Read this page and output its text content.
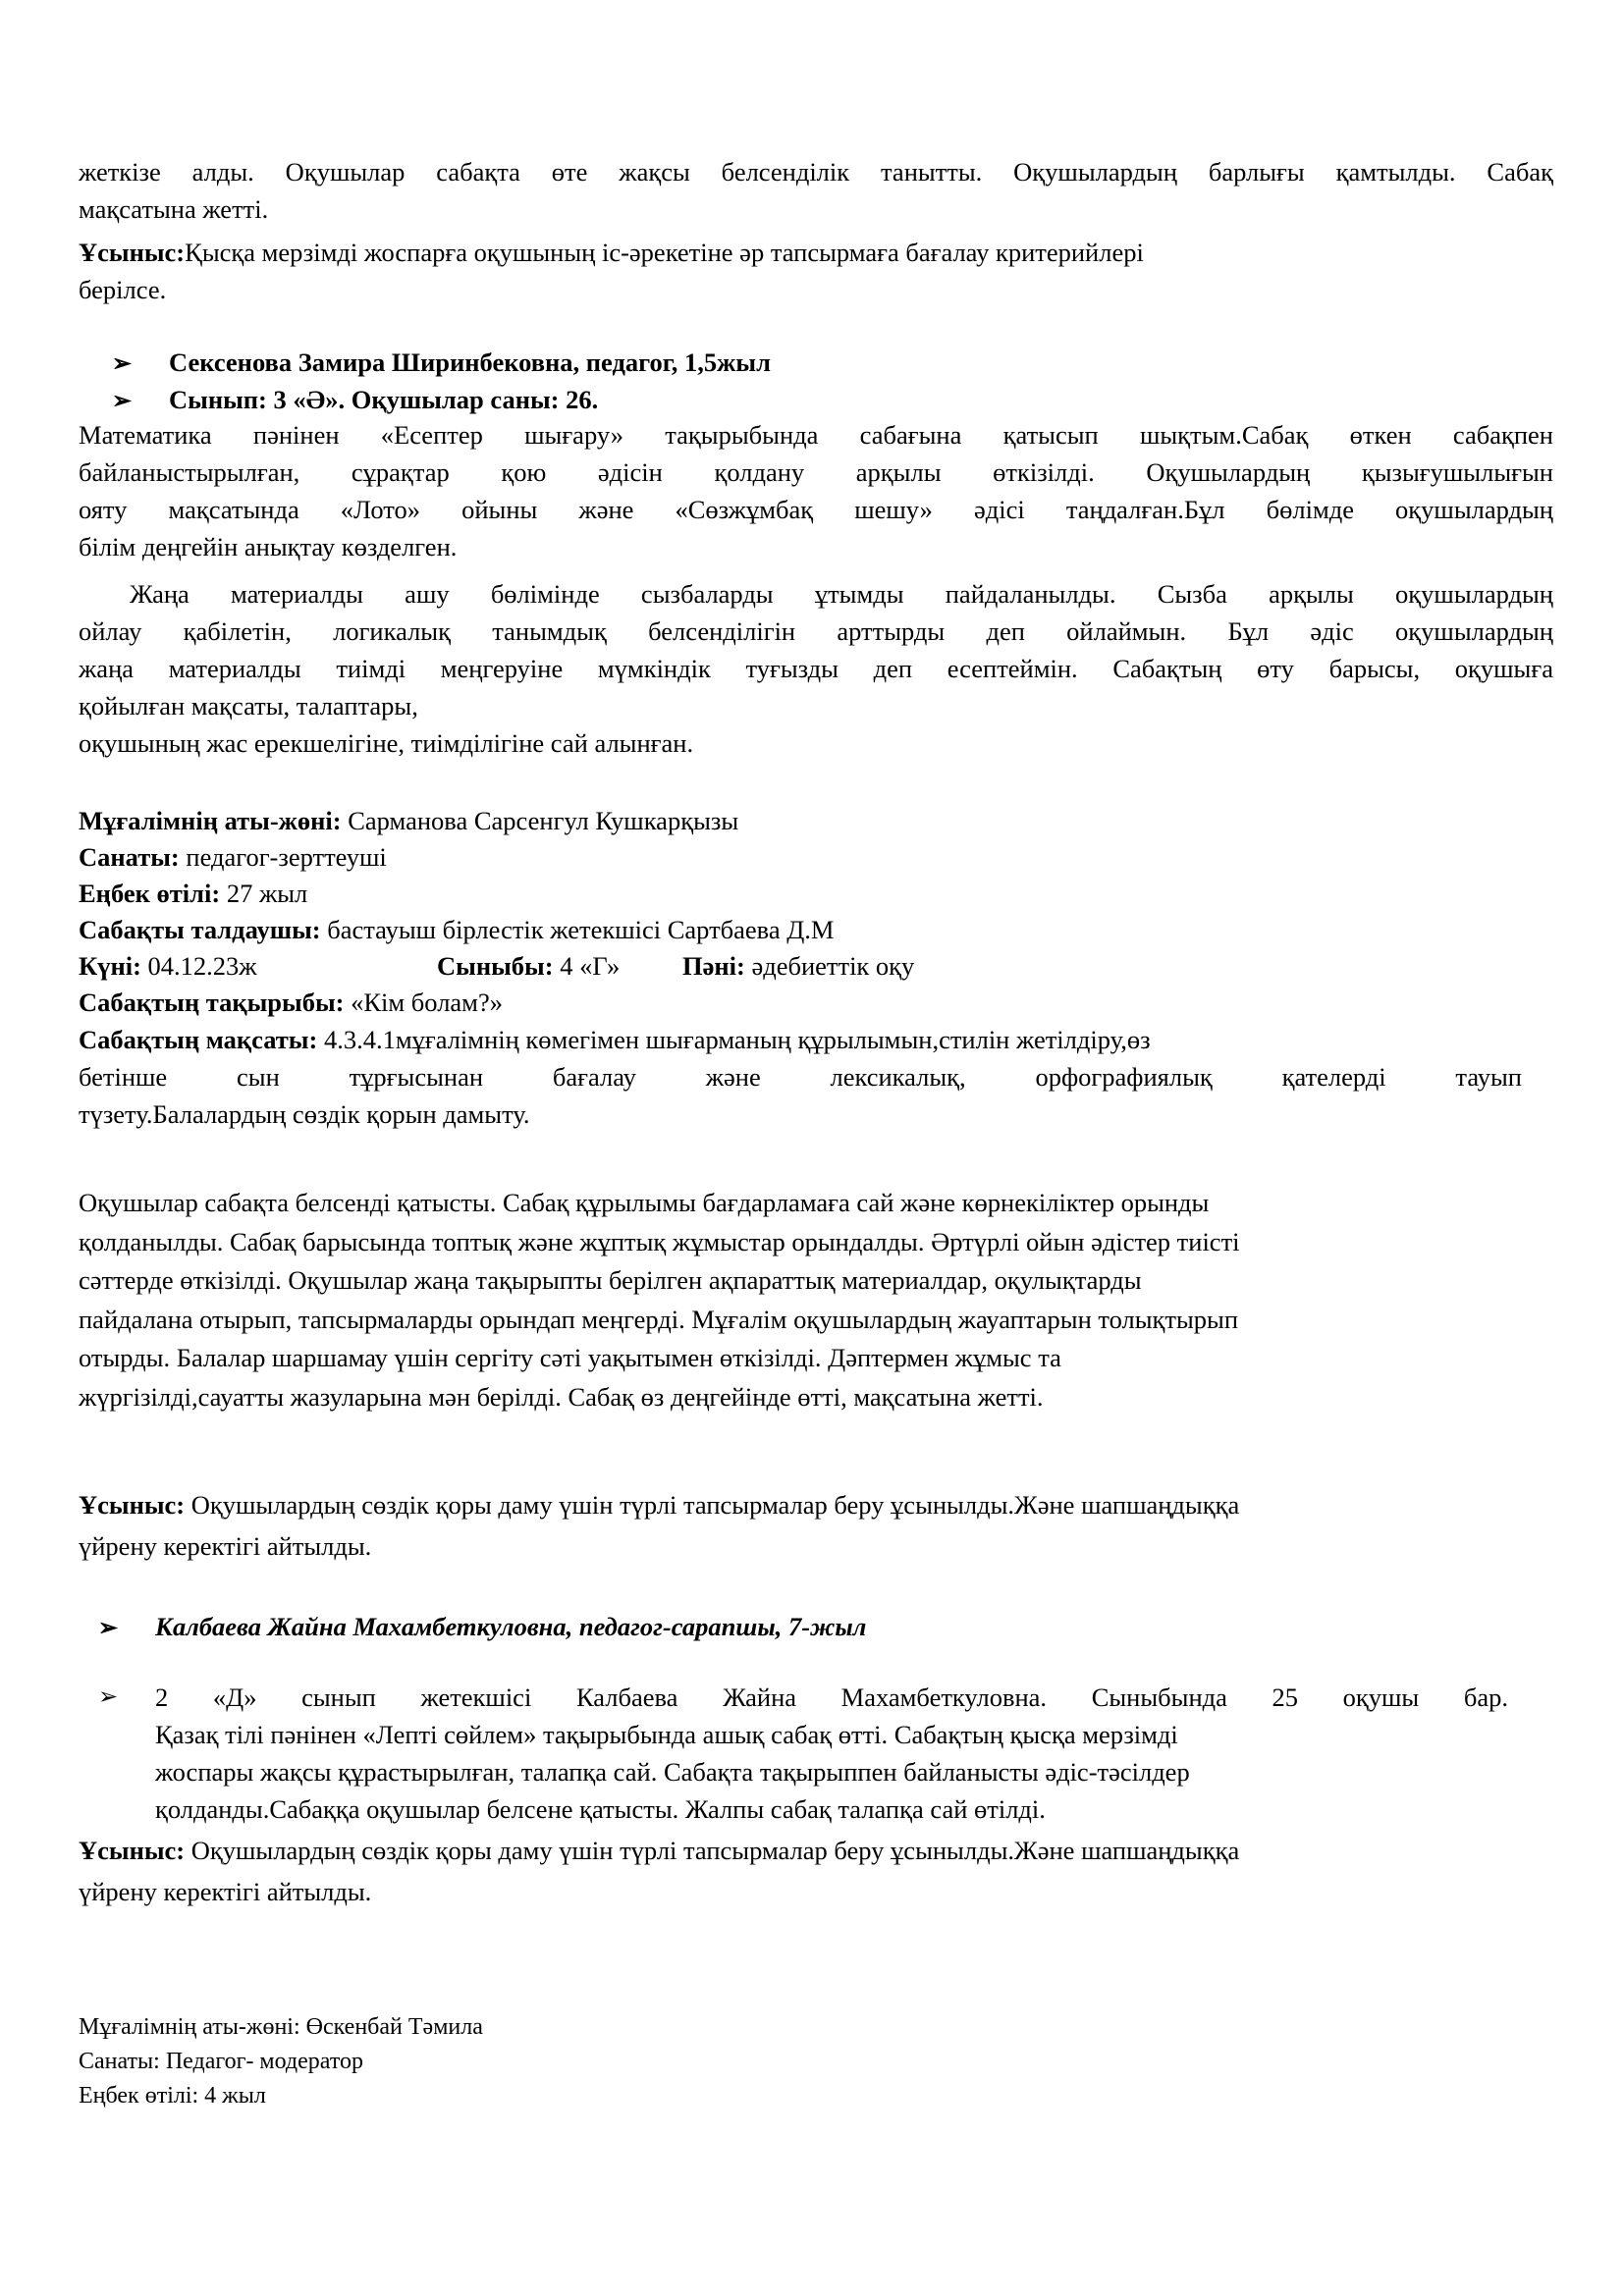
жеткізе алды. Оқушылар сабақта өте жақсы белсенділік танытты. Оқушылардың барлығы қамтылды. Сабақ
мақсатына жетті.
Ұсыныс:Қысқа мерзімді жоспарға оқушының іс-әрекетіне әр тапсырмаға бағалау критерийлері
берілсе.
➢ Сексенова Замира Ширинбековна, педагог, 1,5жыл
➢ Сынып: 3 «Ә». Оқушылар саны: 26.
Математика пәнінен «Есептер шығару» тақырыбында сабағына қатысып шықтым.Сабақ өткен сабақпен
байланыстырылған, сұрақтар қою әдісін қолдану арқылы өткізілді. Оқушылардың қызығушылығын
ояту мақсатында «Лото» ойыны және «Сөзжұмбақ шешу» әдісі таңдалған.Бұл бөлімде оқушылардың
білім деңгейін анықтау көзделген.
Жаңа материалды ашу бөлімінде сызбаларды ұтымды пайдаланылды. Сызба арқылы оқушылардың
ойлау қабілетін, логикалық танымдық белсенділігін арттырды деп ойлаймын. Бұл әдіс оқушылардың
жаңа материалды тиімді меңгеруіне мүмкіндік туғызды деп есептеймін. Сабақтың өту барысы, оқушыға
қойылған мақсаты, талаптары,
оқушының жас ерекшелігіне, тиімділігіне сай алынған.
Мұғалімнің аты-жөні: Сарманова Сарсенгул Кушкарқызы
Санаты: педагог-зерттеуші
Еңбек өтілі: 27 жыл
Сабақты талдаушы: бастауыш бірлестік жетекшісі Сартбаева Д.М
Күні: 04.12.23ж	Сыныбы: 4 «Г» Пәні: әдебиеттік оқу
Сабақтың тақырыбы: «Кім болам?»
Сабақтың мақсаты: 4.3.4.1мұғалімнің көмегімен шығарманың құрылымын,стилін жетілдіру,өз
бетінше сын тұрғысынан бағалау және лексикалық, орфографиялық қателерді тауып
түзету.Балалардың сөздік қорын дамыту.
Оқушылар сабақта белсенді қатысты. Сабақ құрылымы бағдарламаға сай және көрнекіліктер орынды
қолданылды. Сабақ барысында топтық және жұптық жұмыстар орындалды. Әртүрлі ойын әдістер тиісті
сәттерде өткізілді. Оқушылар жаңа тақырыпты берілген ақпараттық материалдар, оқулықтарды
пайдалана отырып, тапсырмаларды орындап меңгерді. Мұғалім оқушылардың жауаптарын толықтырып
отырды. Балалар шаршамау үшін сергіту сәті уақытымен өткізілді. Дәптермен жұмыс та
жүргізілді,сауатты жазуларына мән берілді. Сабақ өз деңгейінде өтті, мақсатына жетті.
Ұсыныс: Оқушылардың сөздік қоры даму үшін түрлі тапсырмалар беру ұсынылды.Және шапшаңдыққа
үйрену керектігі айтылды.
➢ Калбаева Жайна Махамбеткуловна, педагог-сарапшы, 7-жыл
➢	2 «Д» сынып жетекшісі Калбаева Жайна Махамбеткуловна. Сыныбында 25 оқушы бар.
Қазақ тілі пәнінен «Лепті сөйлем» тақырыбында ашық сабақ өтті. Сабақтың қысқа мерзімді
жоспары жақсы құрастырылған, талапқа сай. Сабақта тақырыппен байланысты әдіс-тәсілдер
қолданды.Сабаққа оқушылар белсене қатысты. Жалпы сабақ талапқа сай өтілді.
Ұсыныс: Оқушылардың сөздік қоры даму үшін түрлі тапсырмалар беру ұсынылды.Және шапшаңдыққа
үйрену керектігі айтылды.
Мұғалімнің аты-жөні: Өскенбай Тәмила
Санаты: Педагог- модератор
Еңбек өтілі: 4 жыл
